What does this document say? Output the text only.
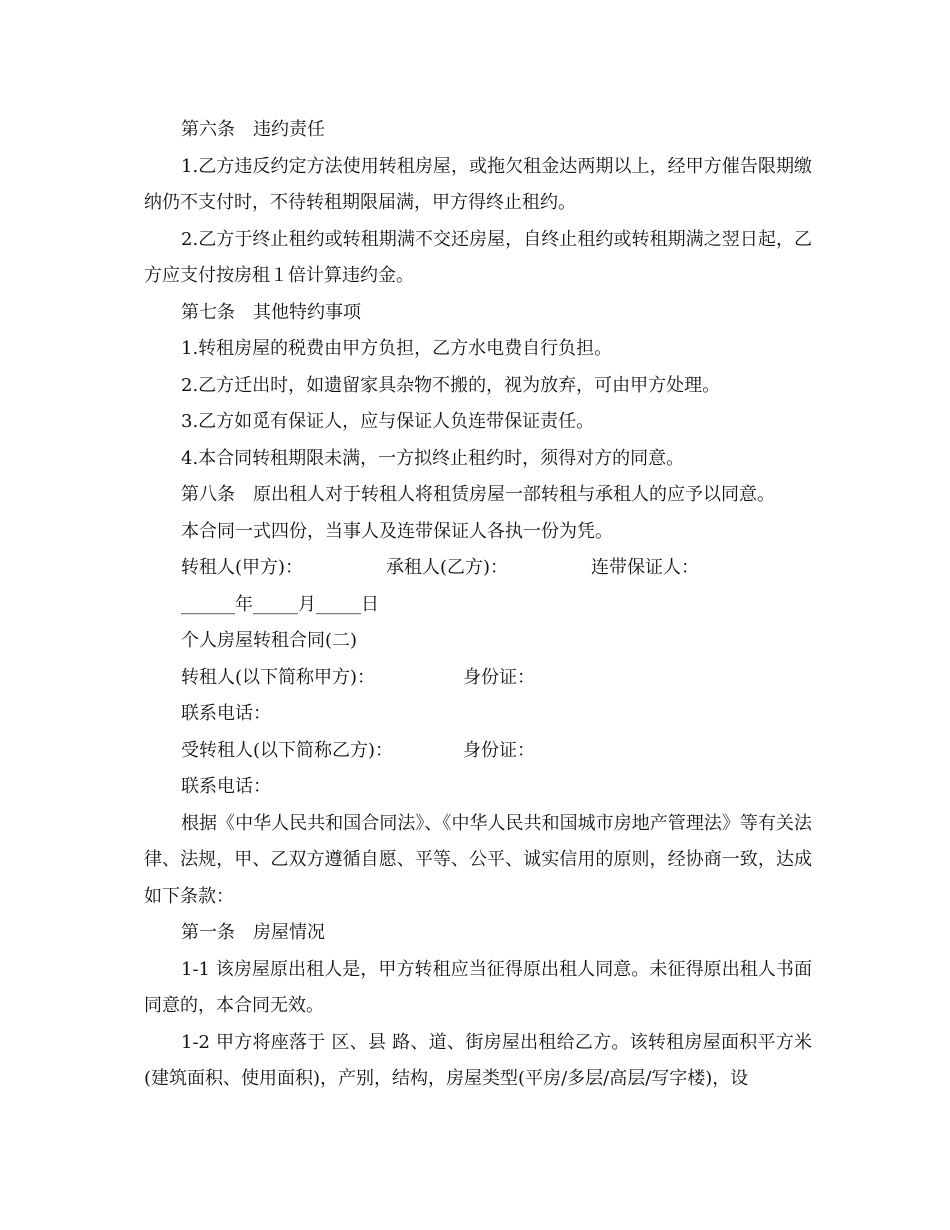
第六条 违约责任

1.乙方违反约定方法使用转租房屋，或拖欠租金达两期以上，经甲方催告限期缴纳仍不支付时，不待转租期限届满，甲方得终止租约。

2.乙方于终止租约或转租期满不交还房屋，自终止租约或转租期满之翌日起，乙方应支付按房租１倍计算违约金。

第七条 其他特约事项

1.转租房屋的税费由甲方负担，乙方水电费自行负担。

2.乙方迁出时，如遗留家具杂物不搬的，视为放弃，可由甲方处理。

3.乙方如觅有保证人，应与保证人负连带保证责任。

4.本合同转租期限未满，一方拟终止租约时，须得对方的同意。

第八条 原出租人对于转租人将租赁房屋一部转租与承租人的应予以同意。

本合同一式四份，当事人及连带保证人各执一份为凭。

转租人(甲方)：	承租人(乙方)：	连带保证人：

______年_____月_____日

个人房屋转租合同(二)

转租人(以下简称甲方)：	身份证：

联系电话：

受转租人(以下简称乙方)：	身份证：

联系电话：

根据《中华人民共和国合同法》、《中华人民共和国城市房地产管理法》等有关法律、法规，甲、乙双方遵循自愿、平等、公平、诚实信用的原则，经协商一致，达成如下条款：

第一条 房屋情况

1-1 该房屋原出租人是，甲方转租应当征得原出租人同意。未征得原出租人书面同意的，本合同无效。

1-2 甲方将座落于 区、县 路、道、街房屋出租给乙方。该转租房屋面积平方米(建筑面积、使用面积)，产别，结构，房屋类型(平房/多层/高层/写字楼)，设
